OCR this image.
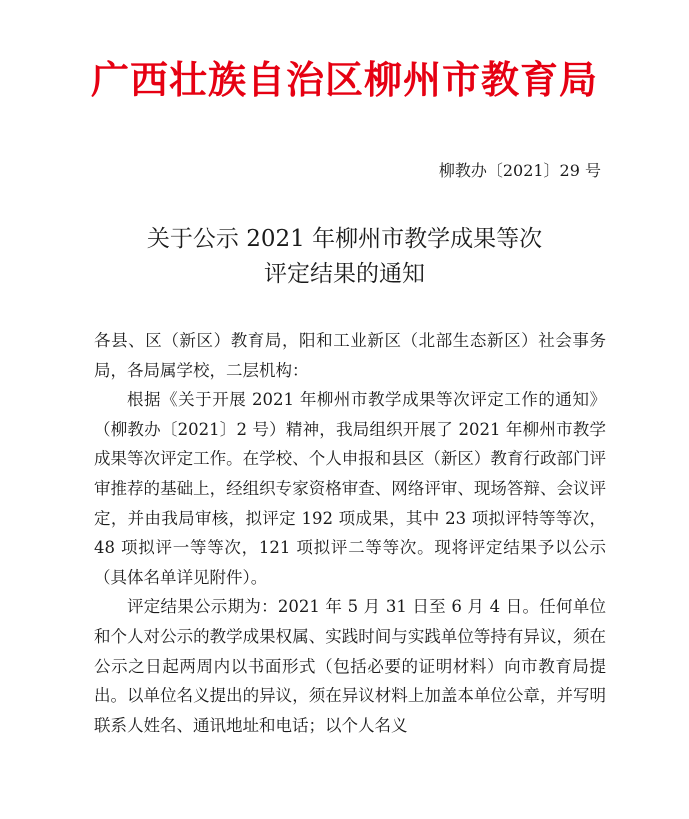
广西壮族自治区柳州市教育局
柳教办〔2021〕29 号
关于公示 2021 年柳州市教学成果等次
评定结果的通知

各县、区（新区）教育局，阳和工业新区（北部生态新区）社会事务局，各局属学校，二层机构：

根据《关于开展 2021 年柳州市教学成果等次评定工作的通知》（柳教办〔2021〕2 号）精神，我局组织开展了 2021 年柳州市教学成果等次评定工作。在学校、个人申报和县区（新区）教育行政部门评审推荐的基础上，经组织专家资格审查、网络评审、现场答辩、会议评定，并由我局审核，拟评定 192 项成果，其中 23 项拟评特等等次，48 项拟评一等等次，121 项拟评二等等次。现将评定结果予以公示（具体名单详见附件）。

评定结果公示期为：2021 年 5 月 31 日至 6 月 4 日。任何单位和个人对公示的教学成果权属、实践时间与实践单位等持有异议，须在公示之日起两周内以书面形式（包括必要的证明材料）向市教育局提出。以单位名义提出的异议，须在异议材料上加盖本单位公章，并写明联系人姓名、通讯地址和电话；以个人名义
